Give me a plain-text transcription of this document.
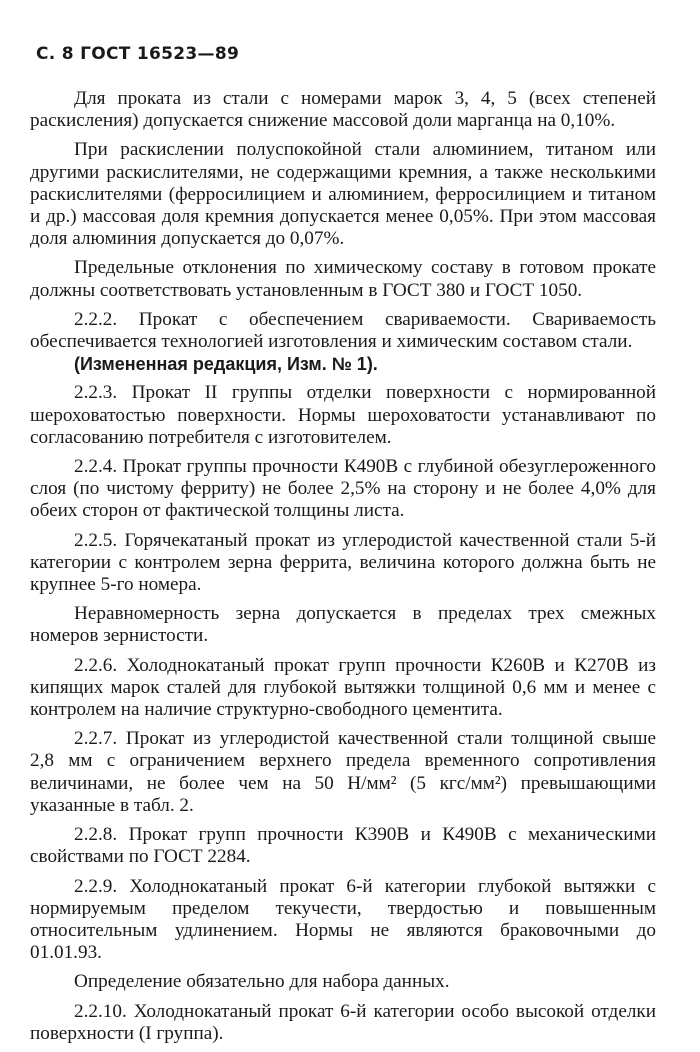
С. 8 ГОСТ 16523—89

Для проката из стали с номерами марок 3, 4, 5 (всех степеней раскисления) допускается снижение массовой доли марганца на 0,10%.

При раскислении полуспокойной стали алюминием, титаном или другими раскислителями, не содержащими кремния, а также несколькими раскислителями (ферросилицием и алюминием, ферросилицием и титаном и др.) массовая доля кремния допускается менее 0,05%. При этом массовая доля алюминия допускается до 0,07%.

Предельные отклонения по химическому составу в готовом прокате должны соответствовать установленным в ГОСТ 380 и ГОСТ 1050.

2.2.2. Прокат с обеспечением свариваемости. Свариваемость обеспечивается технологией изготовления и химическим составом стали.

(Измененная редакция, Изм. № 1).

2.2.3. Прокат II группы отделки поверхности с нормированной шероховатостью поверхности. Нормы шероховатости устанавливают по согласованию потребителя с изготовителем.

2.2.4. Прокат группы прочности К490В с глубиной обезуглероженного слоя (по чистому ферриту) не более 2,5% на сторону и не более 4,0% для обеих сторон от фактической толщины листа.

2.2.5. Горячекатаный прокат из углеродистой качественной стали 5-й категории с контролем зерна феррита, величина которого должна быть не крупнее 5-го номера.

Неравномерность зерна допускается в пределах трех смежных номеров зернистости.

2.2.6. Холоднокатаный прокат групп прочности К260В и К270В из кипящих марок сталей для глубокой вытяжки толщиной 0,6 мм и менее с контролем на наличие структурно-свободного цементита.

2.2.7. Прокат из углеродистой качественной стали толщиной свыше 2,8 мм с ограничением верхнего предела временного сопротивления величинами, не более чем на 50 Н/мм² (5 кгс/мм²) превышающими указанные в табл. 2.

2.2.8. Прокат групп прочности К390В и К490В с механическими свойствами по ГОСТ 2284.

2.2.9. Холоднокатаный прокат 6-й категории глубокой вытяжки с нормируемым пределом текучести, твердостью и повышенным относительным удлинением. Нормы не являются браковочными до 01.01.93.

Определение обязательно для набора данных.

2.2.10. Холоднокатаный прокат 6-й категории особо высокой отделки поверхности (I группа).
